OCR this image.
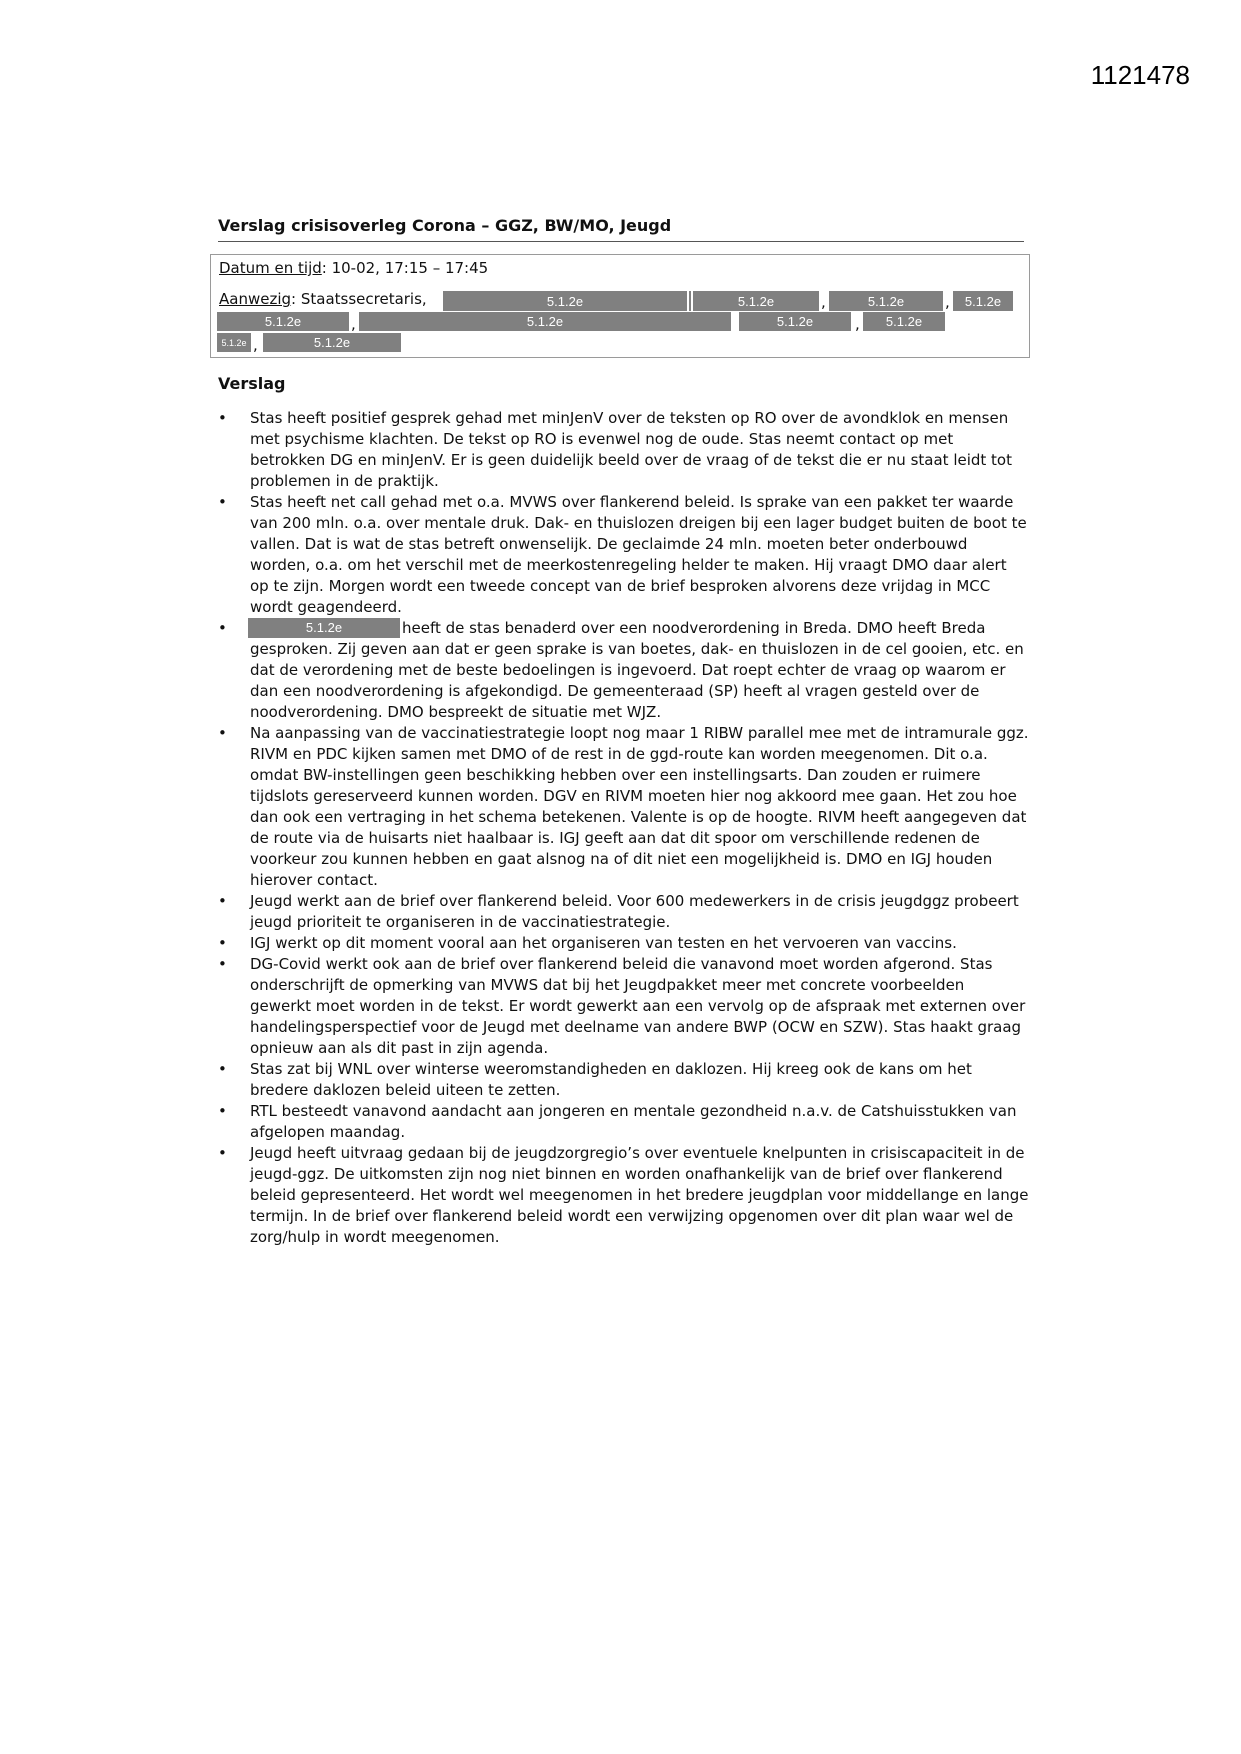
1121478
Verslag crisisoverleg Corona – GGZ, BW/MO, Jeugd
Datum en tijd: 10-02, 17:15 – 17:45
Aanwezig: Staatssecretaris,	5.1.2e	5.1.2e	,	5.1.2e	,	5.1.2e
5.1.2e	,	5.1.2e	5.1.2e	,	5.1.2e
5.1.2e ,	5.1.2e
Verslag
• Stas heeft positief gesprek gehad met minJenV over de teksten op RO over de avondklok en mensen met psychisme klachten. De tekst op RO is evenwel nog de oude. Stas neemt contact op met betrokken DG en minJenV. Er is geen duidelijk beeld over de vraag of de tekst die er nu staat leidt tot problemen in de praktijk.
• Stas heeft net call gehad met o.a. MVWS over flankerend beleid. Is sprake van een pakket ter waarde van 200 mln. o.a. over mentale druk. Dak- en thuislozen dreigen bij een lager budget buiten de boot te vallen. Dat is wat de stas betreft onwenselijk. De geclaimde 24 mln. moeten beter onderbouwd worden, o.a. om het verschil met de meerkostenregeling helder te maken. Hij vraagt DMO daar alert op te zijn. Morgen wordt een tweede concept van de brief besproken alvorens deze vrijdag in MCC wordt geagendeerd.
• 5.1.2e	heeft de stas benaderd over een noodverordening in Breda. DMO heeft Breda gesproken. Zij geven aan dat er geen sprake is van boetes, dak- en thuislozen in de cel gooien, etc. en dat de verordening met de beste bedoelingen is ingevoerd. Dat roept echter de vraag op waarom er dan een noodverordening is afgekondigd. De gemeenteraad (SP) heeft al vragen gesteld over de noodverordening. DMO bespreekt de situatie met WJZ.
• Na aanpassing van de vaccinatiestrategie loopt nog maar 1 RIBW parallel mee met de intramurale ggz. RIVM en PDC kijken samen met DMO of de rest in de ggd-route kan worden meegenomen. Dit o.a. omdat BW-instellingen geen beschikking hebben over een instellingsarts. Dan zouden er ruimere tijdslots gereserveerd kunnen worden. DGV en RIVM moeten hier nog akkoord mee gaan. Het zou hoe dan ook een vertraging in het schema betekenen. Valente is op de hoogte. RIVM heeft aangegeven dat de route via de huisarts niet haalbaar is. IGJ geeft aan dat dit spoor om verschillende redenen de voorkeur zou kunnen hebben en gaat alsnog na of dit niet een mogelijkheid is. DMO en IGJ houden hierover contact.
• Jeugd werkt aan de brief over flankerend beleid. Voor 600 medewerkers in de crisis jeugdggz probeert jeugd prioriteit te organiseren in de vaccinatiestrategie.
• IGJ werkt op dit moment vooral aan het organiseren van testen en het vervoeren van vaccins.
• DG-Covid werkt ook aan de brief over flankerend beleid die vanavond moet worden afgerond. Stas onderschrijft de opmerking van MVWS dat bij het Jeugdpakket meer met concrete voorbeelden gewerkt moet worden in de tekst. Er wordt gewerkt aan een vervolg op de afspraak met externen over handelingsperspectief voor de Jeugd met deelname van andere BWP (OCW en SZW). Stas haakt graag opnieuw aan als dit past in zijn agenda.
• Stas zat bij WNL over winterse weeromstandigheden en daklozen. Hij kreeg ook de kans om het bredere daklozen beleid uiteen te zetten.
• RTL besteedt vanavond aandacht aan jongeren en mentale gezondheid n.a.v. de Catshuisstukken van afgelopen maandag.
• Jeugd heeft uitvraag gedaan bij de jeugdzorgregio’s over eventuele knelpunten in crisiscapaciteit in de jeugd-ggz. De uitkomsten zijn nog niet binnen en worden onafhankelijk van de brief over flankerend beleid gepresenteerd. Het wordt wel meegenomen in het bredere jeugdplan voor middellange en lange termijn. In de brief over flankerend beleid wordt een verwijzing opgenomen over dit plan waar wel de zorg/hulp in wordt meegenomen.
